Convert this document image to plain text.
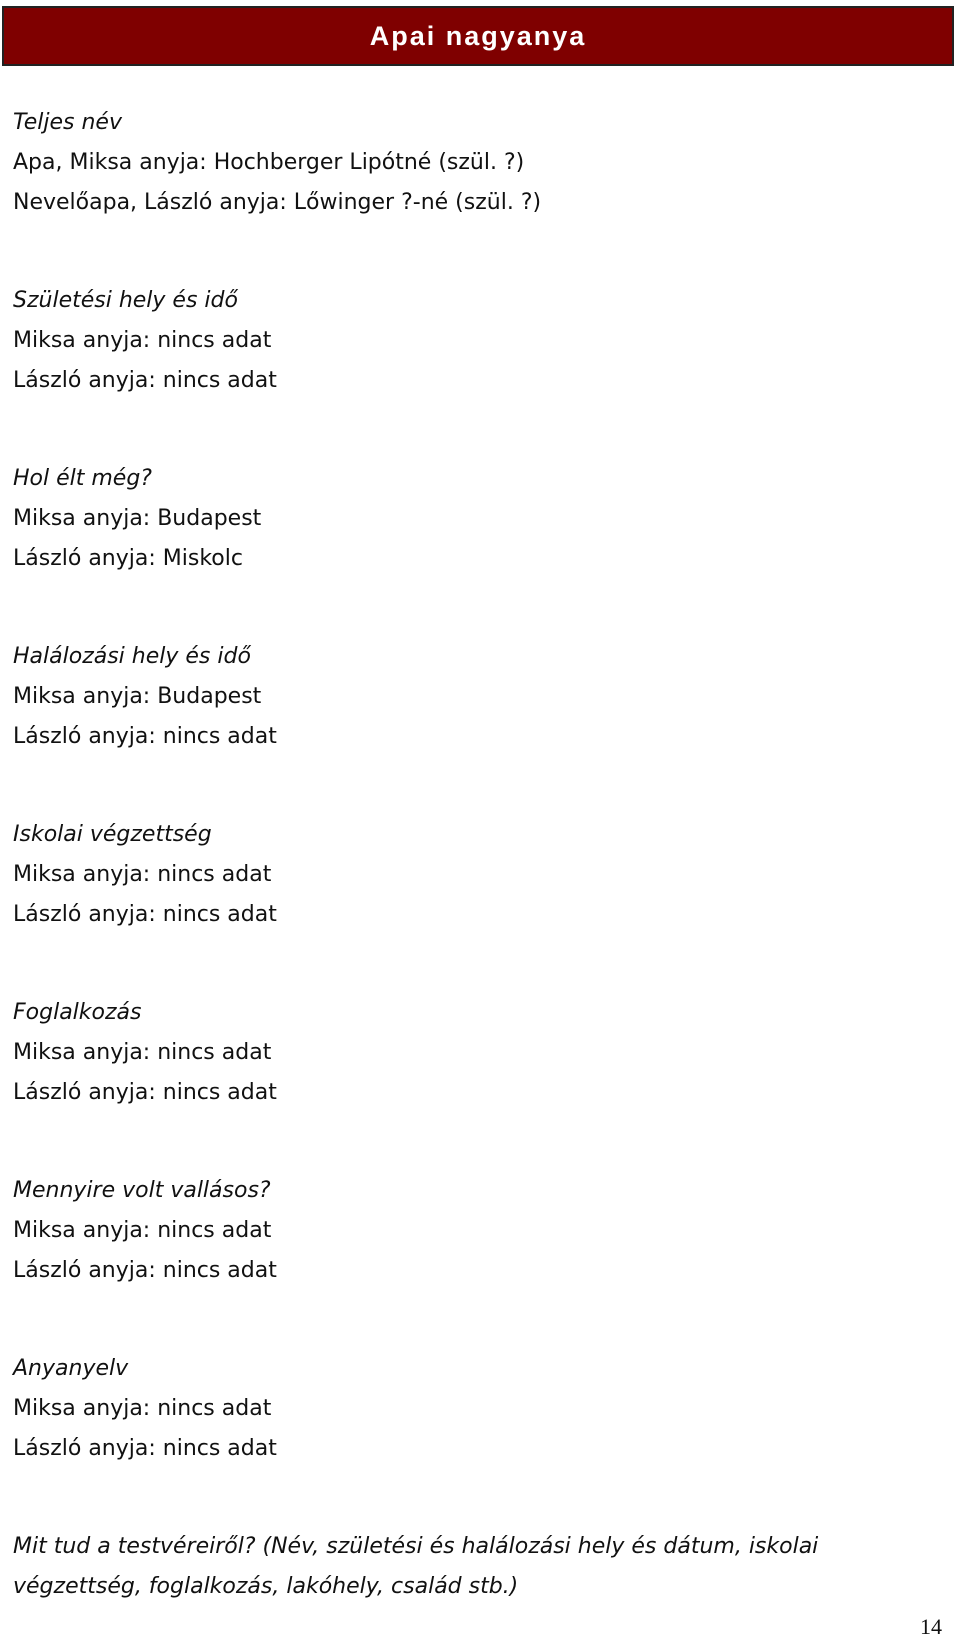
Apai nagyanya
Teljes név
Apa, Miksa anyja: Hochberger Lipótné (szül. ?)
Nevelőapa, László anyja: Lőwinger ?-né (szül. ?)
Születési hely és idő
Miksa anyja: nincs adat
László anyja: nincs adat
Hol élt még?
Miksa anyja: Budapest
László anyja: Miskolc
Halálozási hely és idő
Miksa anyja: Budapest
László anyja: nincs adat
Iskolai végzettség
Miksa anyja: nincs adat
László anyja: nincs adat
Foglalkozás
Miksa anyja: nincs adat
László anyja: nincs adat
Mennyire volt vallásos?
Miksa anyja: nincs adat
László anyja: nincs adat
Anyanyelv
Miksa anyja: nincs adat
László anyja: nincs adat
Mit tud a testvéreiről? (Név, születési és halálozási hely és dátum, iskolai végzettség, foglalkozás, lakóhely, család stb.)
14
